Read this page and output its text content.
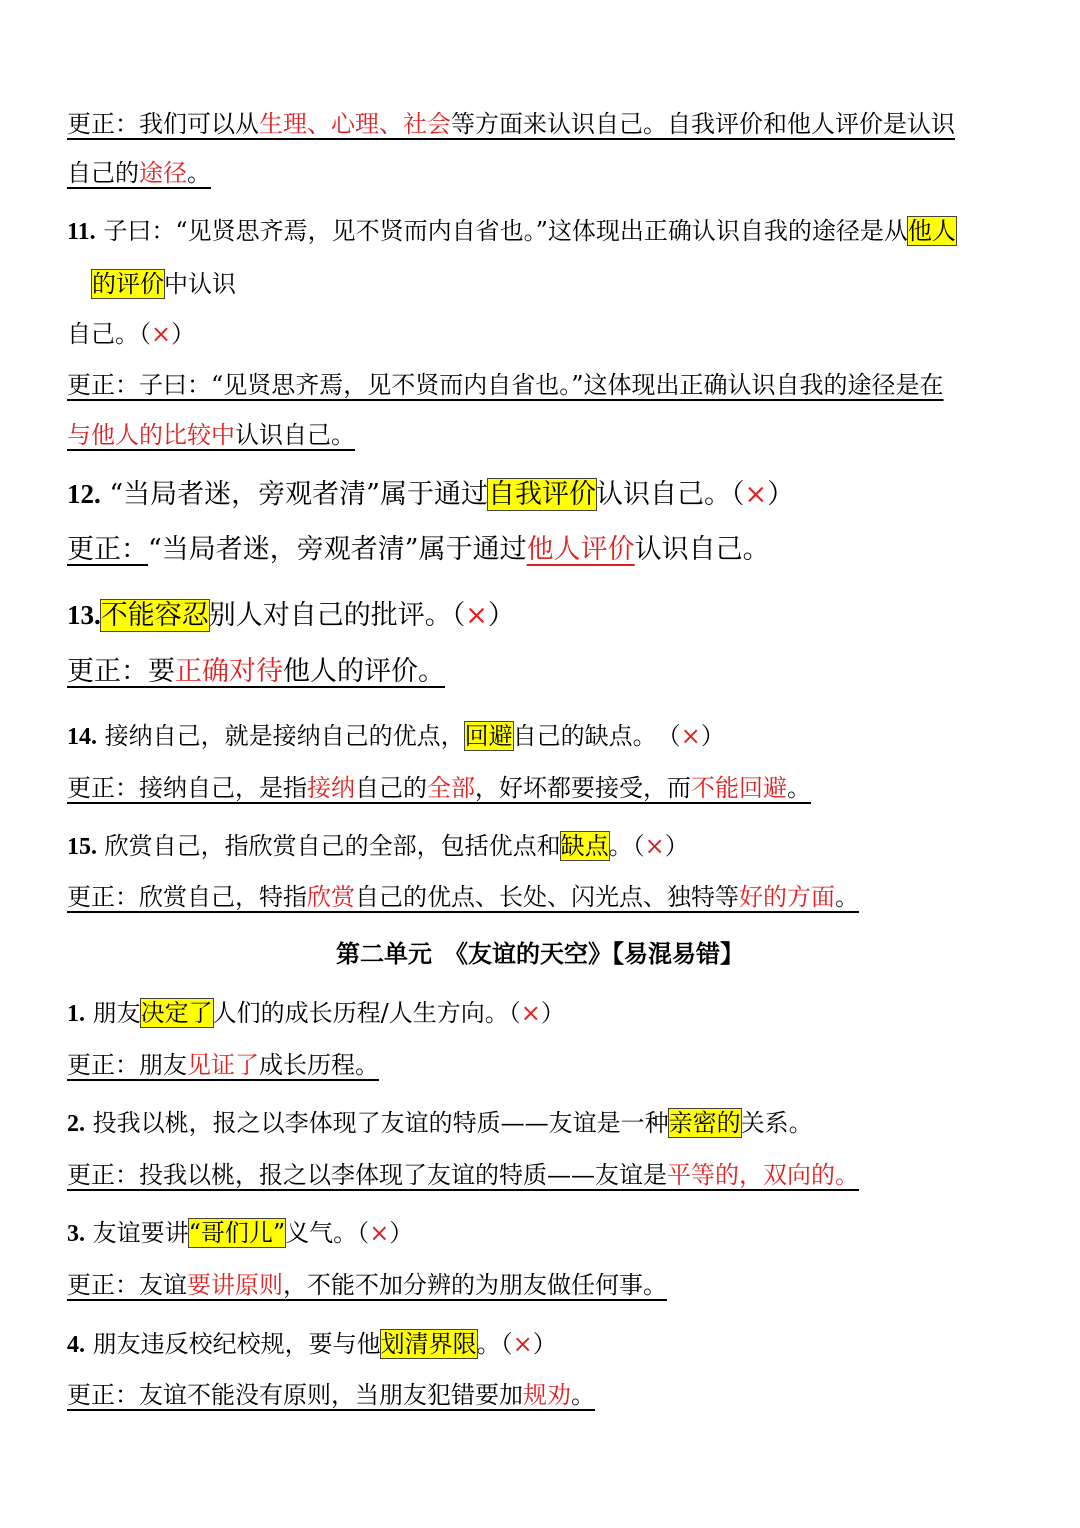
更正：我们可以从生理、心理、社会等方面来认识自己。自我评价和他人评价是认识
自己的途径。
11. 子曰：“见贤思齐焉，见不贤而内自省也。”这体现出正确认识自我的途径是从他人
的评价中认识
自己。（×）
更正：子曰：“见贤思齐焉，见不贤而内自省也。”这体现出正确认识自我的途径是在
与他人的比较中认识自己。
12. “当局者迷，旁观者清”属于通过自我评价认识自己。（×）
更正：“当局者迷，旁观者清”属于通过他人评价认识自己。
13.不能容忍别人对自己的批评。（×）
更正：要正确对待他人的评价。
14. 接纳自己，就是接纳自己的优点，回避自己的缺点。　（×）
更正：接纳自己，是指接纳自己的全部，好坏都要接受，而不能回避。
15. 欣赏自己，指欣赏自己的全部，包括优点和缺点。（×）
更正：欣赏自己，特指欣赏自己的优点、长处、闪光点、独特等好的方面。
第二单元　《友谊的天空》【易混易错】
1. 朋友决定了人们的成长历程/人生方向。（×）
更正：朋友见证了成长历程。
2. 投我以桃，报之以李体现了友谊的特质——友谊是一种亲密的关系。
更正：投我以桃，报之以李体现了友谊的特质——友谊是平等的，双向的。
3. 友谊要讲“哥们儿”义气。（×）
更正：友谊要讲原则，不能不加分辨的为朋友做任何事。
4. 朋友违反校纪校规，要与他划清界限。（×）
更正：友谊不能没有原则，当朋友犯错要加规劝。
